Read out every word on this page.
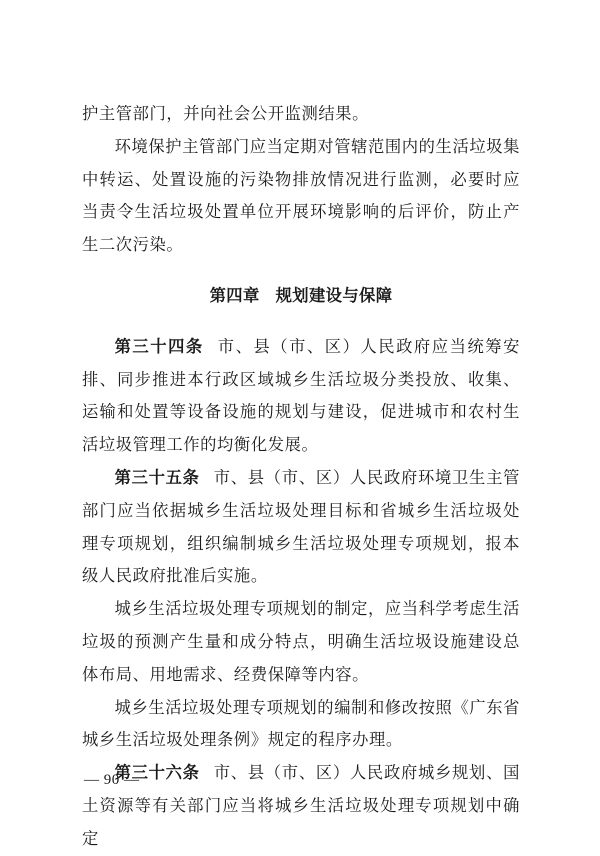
护主管部门，并向社会公开监测结果。

环境保护主管部门应当定期对管辖范围内的生活垃圾集中转运、处置设施的污染物排放情况进行监测，必要时应当责令生活垃圾处置单位开展环境影响的后评价，防止产生二次污染。

第四章 规划建设与保障

第三十四条 市、县（市、区）人民政府应当统筹安排、同步推进本行政区域城乡生活垃圾分类投放、收集、运输和处置等设备设施的规划与建设，促进城市和农村生活垃圾管理工作的均衡化发展。

第三十五条 市、县（市、区）人民政府环境卫生主管部门应当依据城乡生活垃圾处理目标和省城乡生活垃圾处理专项规划，组织编制城乡生活垃圾处理专项规划，报本级人民政府批准后实施。

城乡生活垃圾处理专项规划的制定，应当科学考虑生活垃圾的预测产生量和成分特点，明确生活垃圾设施建设总体布局、用地需求、经费保障等内容。

城乡生活垃圾处理专项规划的编制和修改按照《广东省城乡生活垃圾处理条例》规定的程序办理。

第三十六条 市、县（市、区）人民政府城乡规划、国土资源等有关部门应当将城乡生活垃圾处理专项规划中确定

— 90 —
